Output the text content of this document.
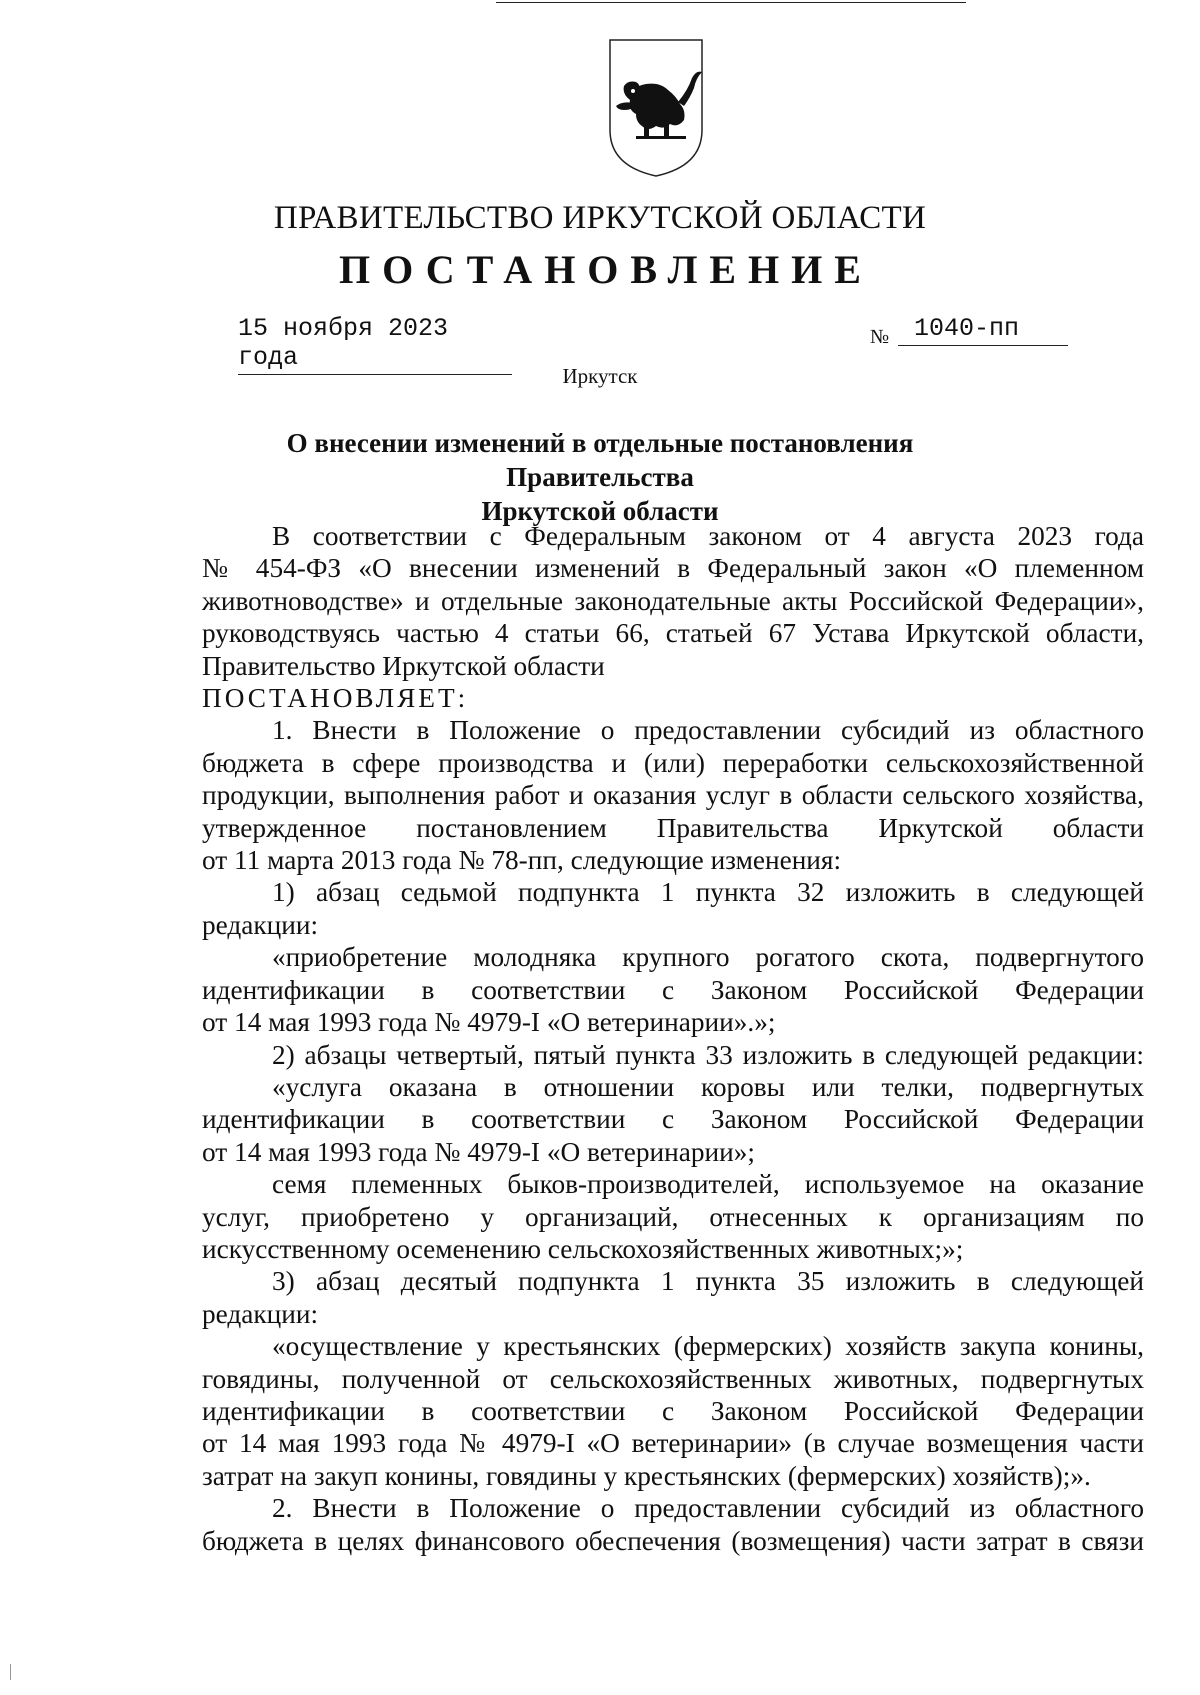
ПРАВИТЕЛЬСТВО ИРКУТСКОЙ ОБЛАСТИ
ПОСТАНОВЛЕНИЕ
15 ноября 2023 года
№ 1040-пп
Иркутск
О внесении изменений в отдельные постановления Правительства
Иркутской области

В соответствии с Федеральным законом от 4 августа 2023 года

№ 454-ФЗ «О внесении изменений в Федеральный закон «О племенном

животноводстве» и отдельные законодательные акты Российской Федерации»,

руководствуясь частью 4 статьи 66, статьей 67 Устава Иркутской области,

Правительство Иркутской области

ПОСТАНОВЛЯЕТ:

1. Внести в Положение о предоставлении субсидий из областного

бюджета в сфере производства и (или) переработки сельскохозяйственной

продукции, выполнения работ и оказания услуг в области сельского хозяйства,

утвержденное постановлением Правительства Иркутской области

от 11 марта 2013 года № 78-пп, следующие изменения:

1) абзац седьмой подпункта 1 пункта 32 изложить в следующей

редакции:

«приобретение молодняка крупного рогатого скота, подвергнутого

идентификации в соответствии с Законом Российской Федерации

от 14 мая 1993 года № 4979-I «О ветеринарии».»;

2) абзацы четвертый, пятый пункта 33 изложить в следующей редакции:

«услуга оказана в отношении коровы или телки, подвергнутых

идентификации в соответствии с Законом Российской Федерации

от 14 мая 1993 года № 4979-I «О ветеринарии»;

семя племенных быков-производителей, используемое на оказание

услуг, приобретено у организаций, отнесенных к организациям по

искусственному осеменению сельскохозяйственных животных;»;

3) абзац десятый подпункта 1 пункта 35 изложить в следующей

редакции:

«осуществление у крестьянских (фермерских) хозяйств закупа конины,

говядины, полученной от сельскохозяйственных животных, подвергнутых

идентификации в соответствии с Законом Российской Федерации

от 14 мая 1993 года № 4979-I «О ветеринарии» (в случае возмещения части

затрат на закуп конины, говядины у крестьянских (фермерских) хозяйств);».

2. Внести в Положение о предоставлении субсидий из областного

бюджета в целях финансового обеспечения (возмещения) части затрат в связи
